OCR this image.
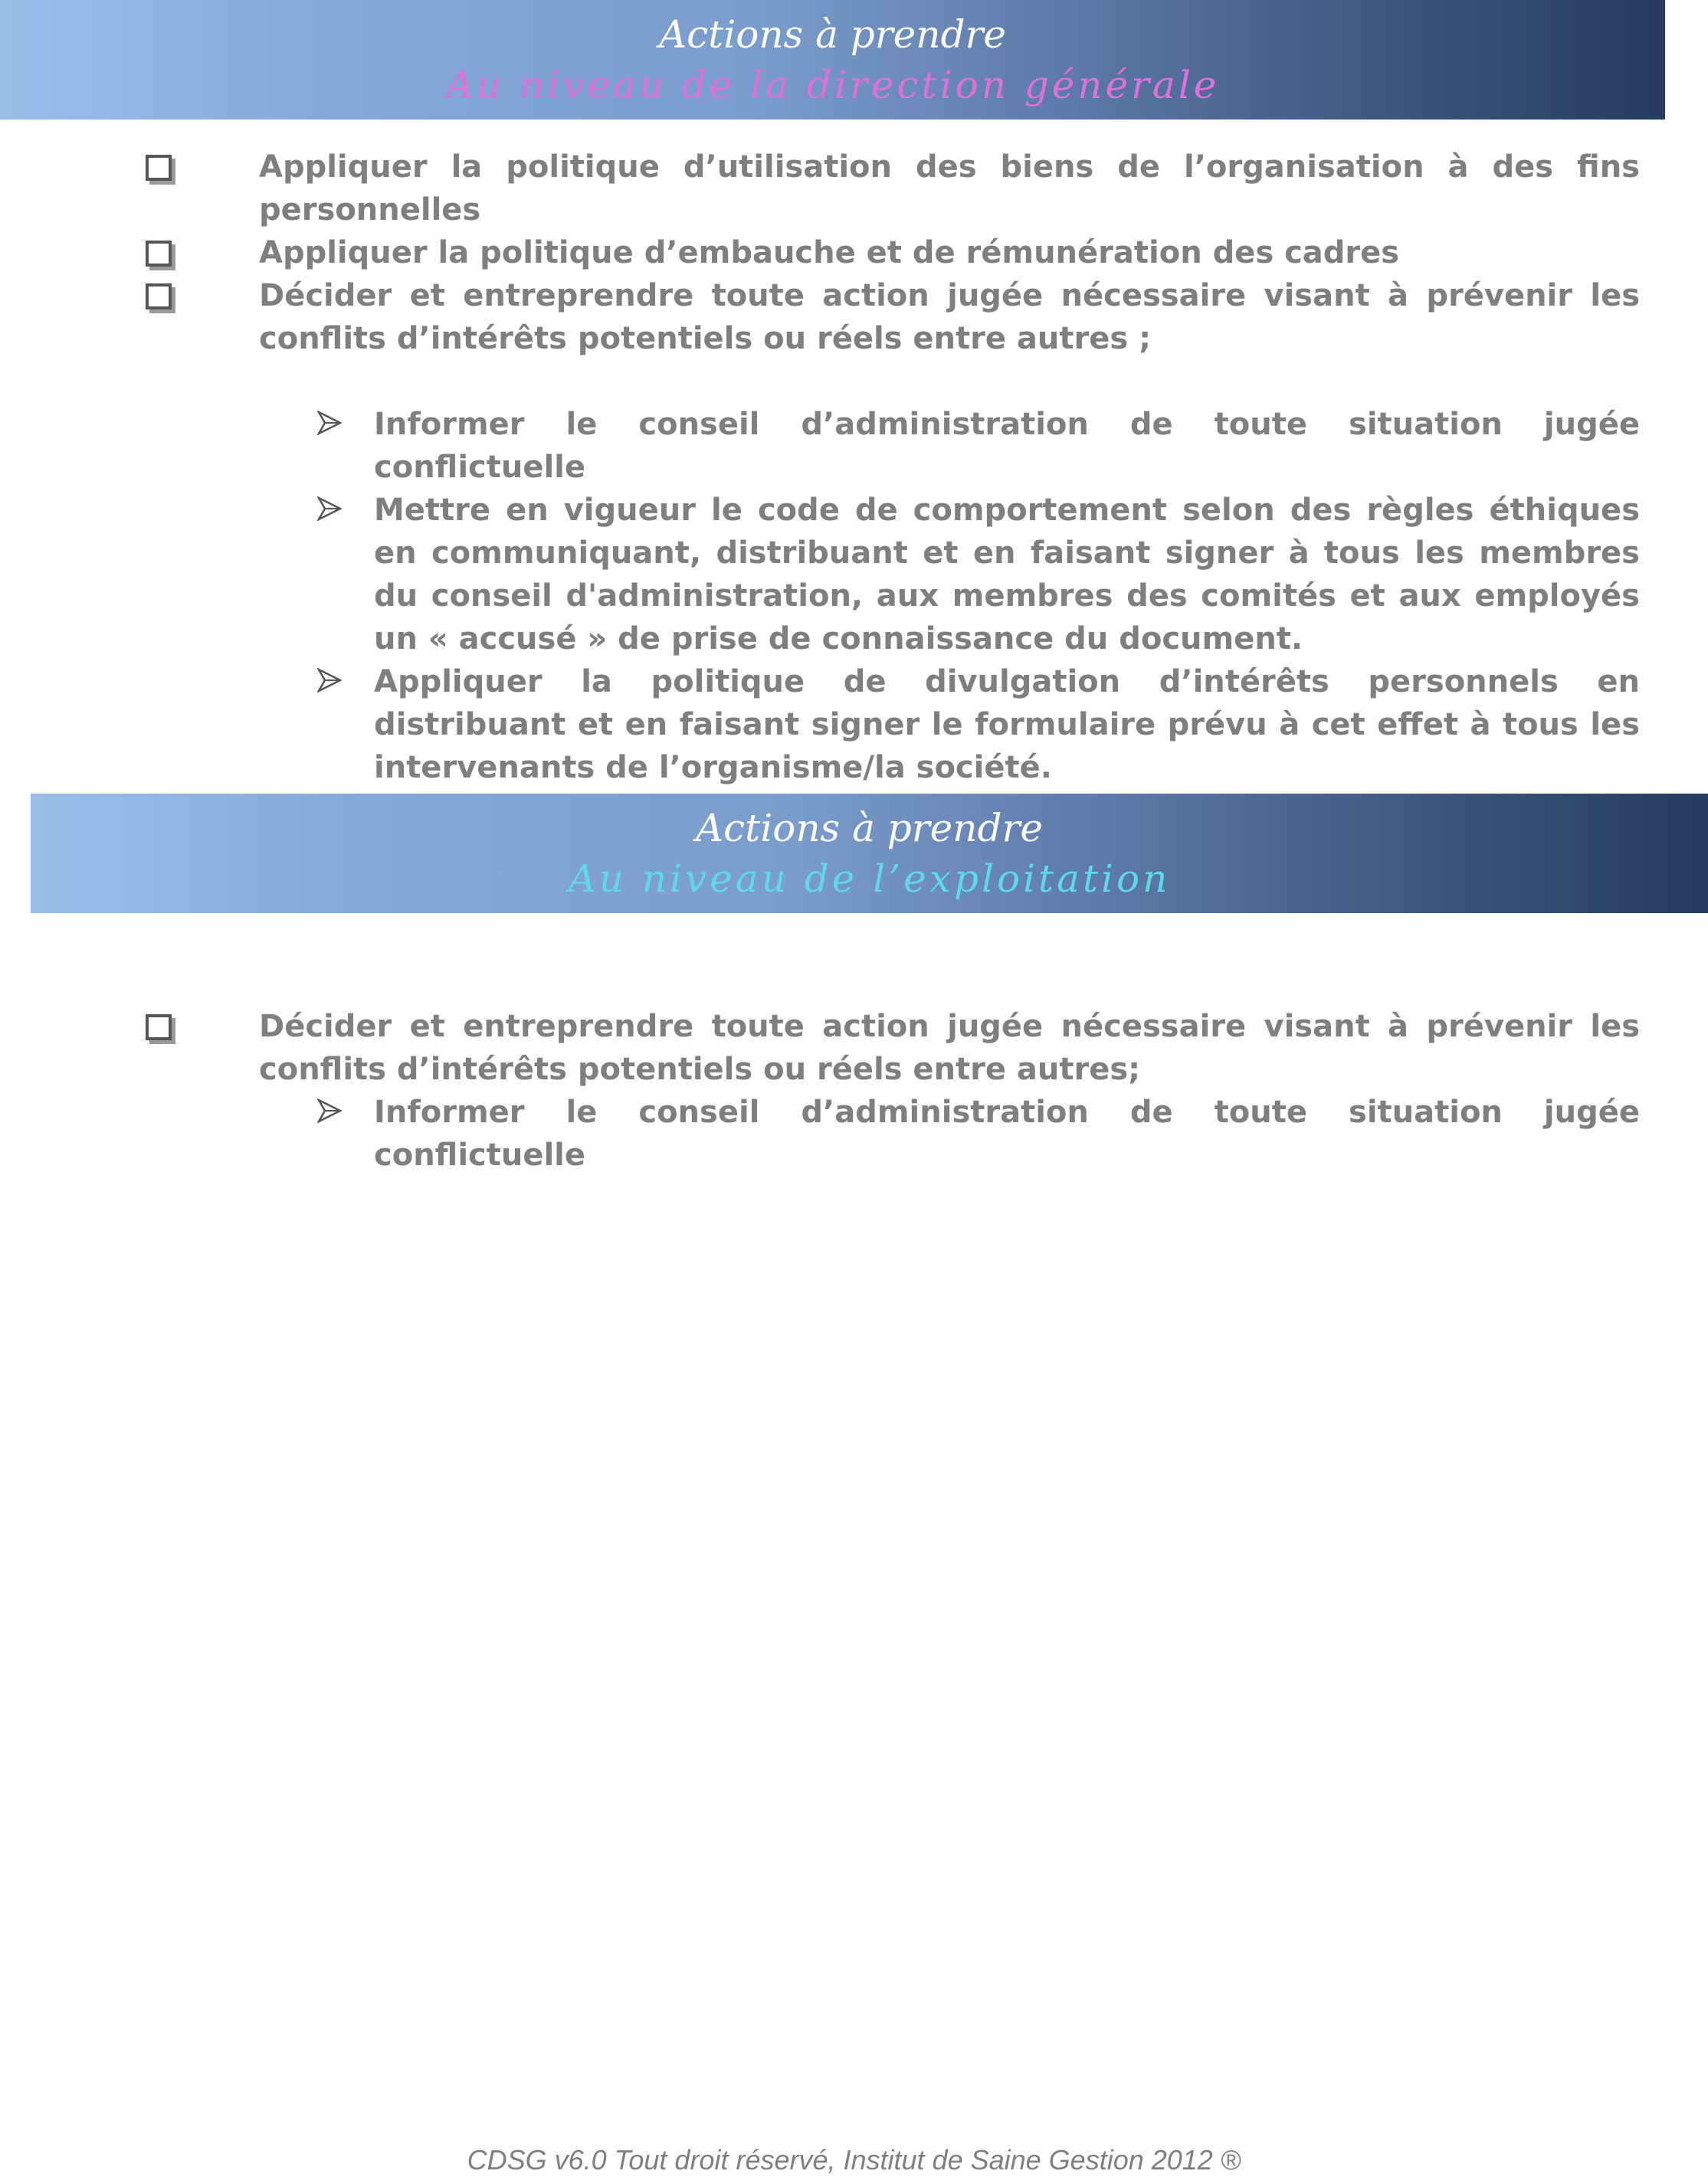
Actions à prendre
Au niveau de la direction générale
Appliquer la politique d’utilisation des biens de l’organisation à des fins personnelles
Appliquer la politique d’embauche et de rémunération des cadres
Décider et entreprendre toute action jugée nécessaire visant à prévenir les conflits d’intérêts potentiels ou réels entre autres ;
Informer le conseil d’administration de toute situation jugée conflictuelle
Mettre en vigueur le code de comportement selon des règles éthiques en communiquant, distribuant et en faisant signer à tous les membres du conseil d'administration, aux membres des comités et aux employés un « accusé » de prise de connaissance du document.
Appliquer la politique de divulgation d’intérêts personnels en distribuant et en faisant signer le formulaire prévu à cet effet à tous les intervenants de l’organisme/la société.
Actions à prendre
Au niveau de l’exploitation
Décider et entreprendre toute action jugée nécessaire visant à prévenir les conflits d’intérêts potentiels ou réels entre autres;
Informer le conseil d’administration de toute situation jugée conflictuelle
CDSG v6.0 Tout droit réservé, Institut de Saine Gestion 2012 ®
